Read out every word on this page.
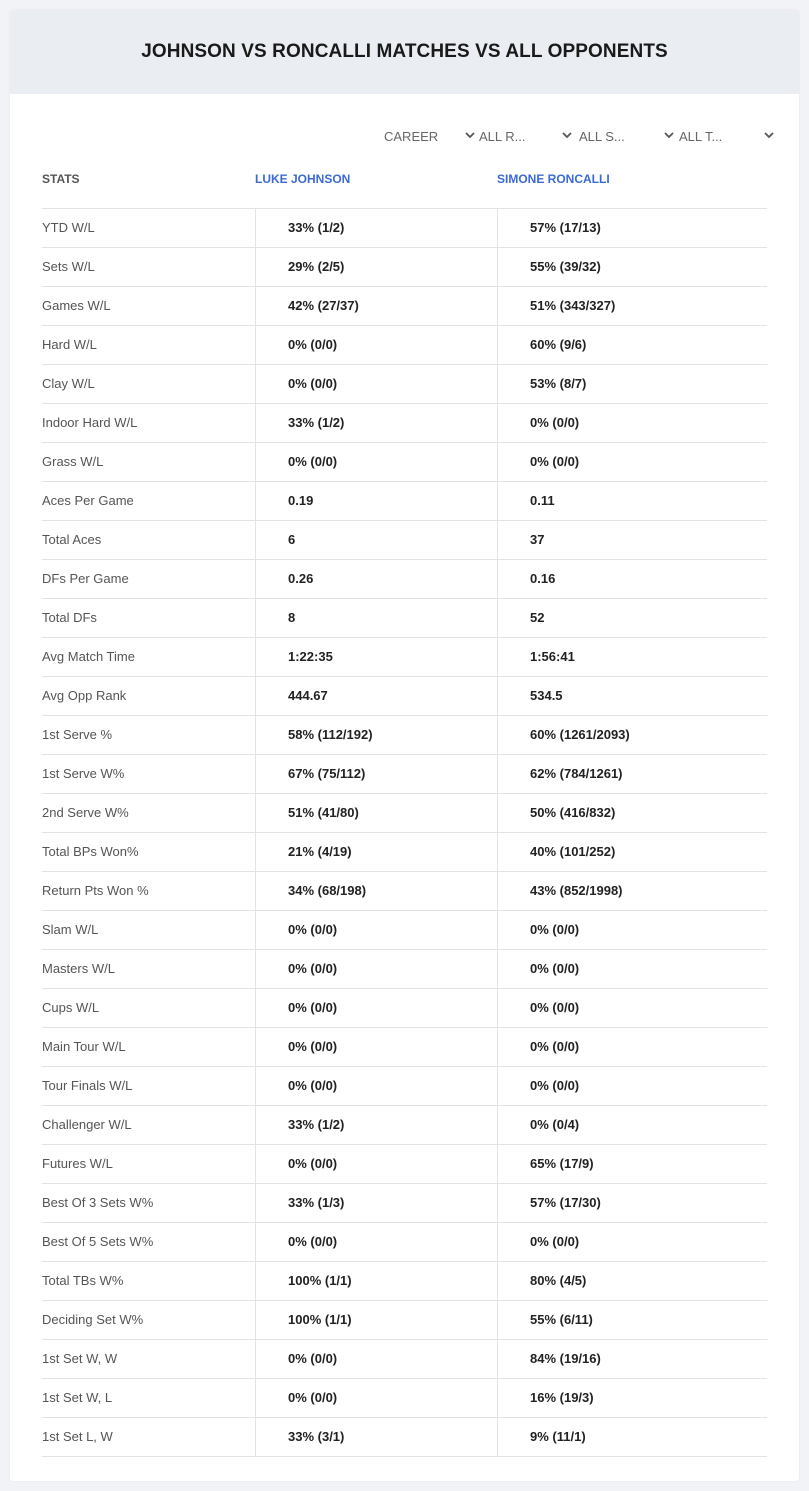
JOHNSON VS RONCALLI MATCHES VS ALL OPPONENTS
CAREER	ALL R...	ALL S...	ALL T...
STATS	LUKE JOHNSON	SIMONE RONCALLI
YTD W/L	33% (1/2)	57% (17/13)
Sets W/L	29% (2/5)	55% (39/32)
Games W/L	42% (27/37)	51% (343/327)
Hard W/L	0% (0/0)	60% (9/6)
Clay W/L	0% (0/0)	53% (8/7)
Indoor Hard W/L	33% (1/2)	0% (0/0)
Grass W/L	0% (0/0)	0% (0/0)
Aces Per Game	0.19	0.11
Total Aces	6	37
DFs Per Game	0.26	0.16
Total DFs	8	52
Avg Match Time	1:22:35	1:56:41
Avg Opp Rank	444.67	534.5
1st Serve %	58% (112/192)	60% (1261/2093)
1st Serve W%	67% (75/112)	62% (784/1261)
2nd Serve W%	51% (41/80)	50% (416/832)
Total BPs Won%	21% (4/19)	40% (101/252)
Return Pts Won %	34% (68/198)	43% (852/1998)
Slam W/L	0% (0/0)	0% (0/0)
Masters W/L	0% (0/0)	0% (0/0)
Cups W/L	0% (0/0)	0% (0/0)
Main Tour W/L	0% (0/0)	0% (0/0)
Tour Finals W/L	0% (0/0)	0% (0/0)
Challenger W/L	33% (1/2)	0% (0/4)
Futures W/L	0% (0/0)	65% (17/9)
Best Of 3 Sets W%	33% (1/3)	57% (17/30)
Best Of 5 Sets W%	0% (0/0)	0% (0/0)
Total TBs W%	100% (1/1)	80% (4/5)
Deciding Set W%	100% (1/1)	55% (6/11)
1st Set W, W	0% (0/0)	84% (19/16)
1st Set W, L	0% (0/0)	16% (19/3)
1st Set L, W	33% (3/1)	9% (11/1)
